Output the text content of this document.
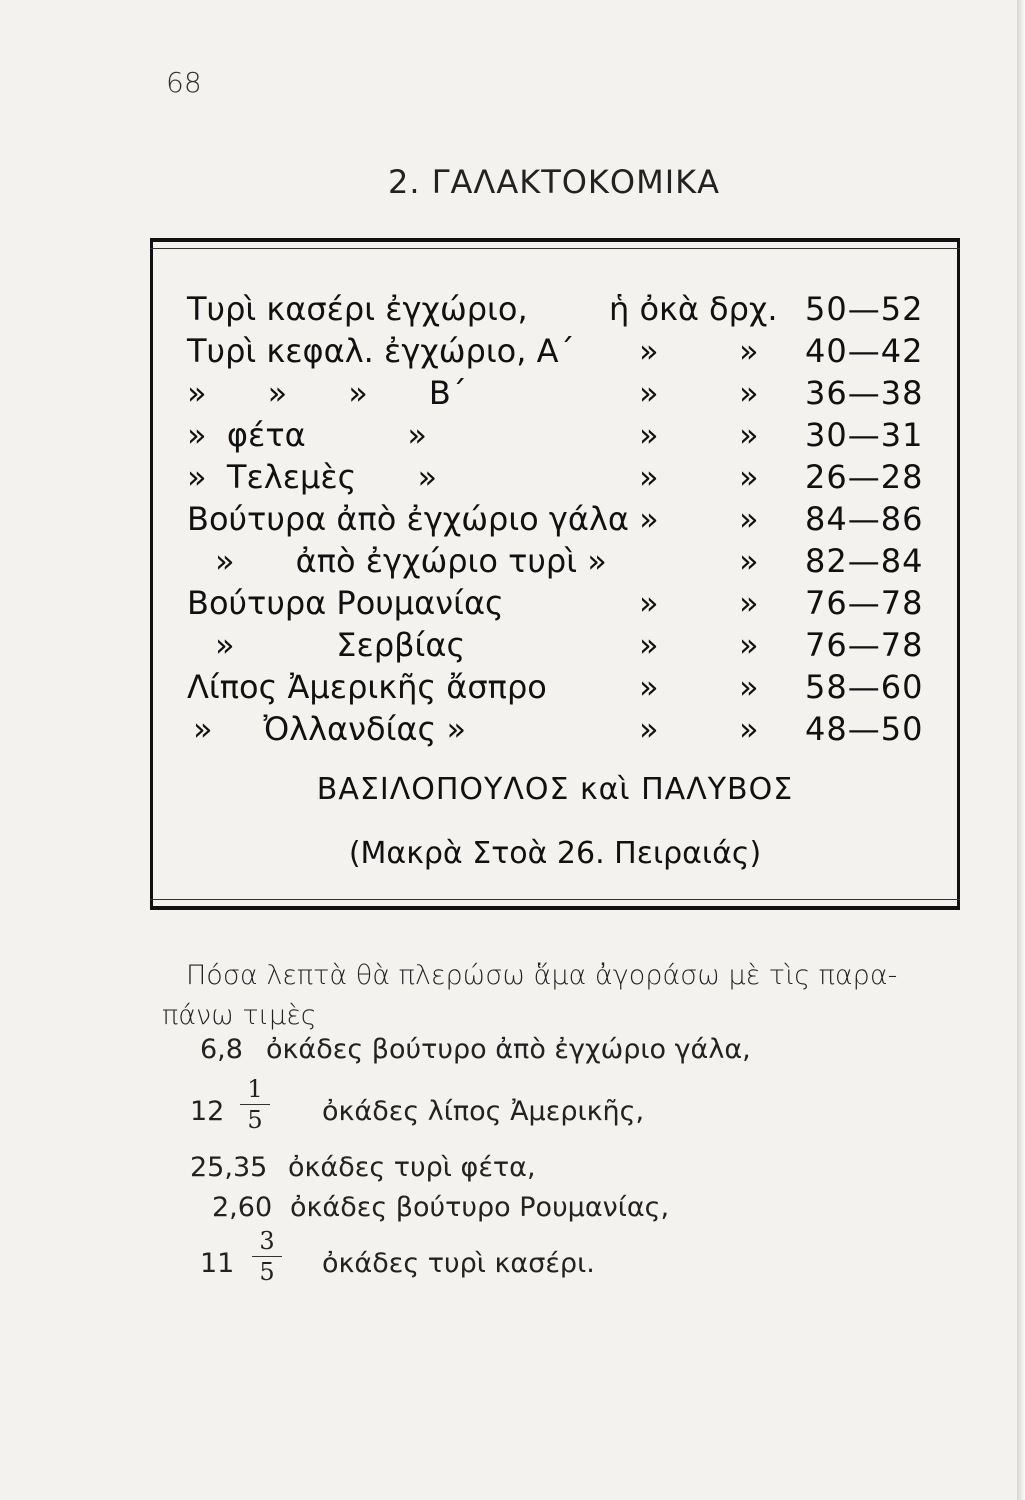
68
2. ΓΑΛΑΚΤΟΚΟΜΙΚΑ
Τυρὶ κασέρι ἐγχώριο,	ἡ ὀκὰ δρχ. 50—52
Τυρὶ κεφαλ. ἐγχώριο, Α΄ »	» 40—42
»      »      »      Β΄	»	» 36—38
»  φέτα          »	»	» 30—31
»  Τελεμὲς      »	»	» 26—28
Βούτυρα ἀπὸ ἐγχώριο γάλα »	» 84—86
»      ἀπὸ ἐγχώριο τυρὶ »	» 82—84
Βούτυρα Ρουμανίας	»	» 76—78
»          Σερβίας	»	» 76—78
Λίπος Ἀμερικῆς ἄσπρο	»	» 58—60
»     Ὀλλανδίας »	»	» 48—50
ΒΑΣΙΛΟΠΟΥΛΟΣ καὶ ΠΑΛΥΒΟΣ
(Μακρὰ Στοὰ 26. Πειραιάς)

Πόσα λεπτὰ θὰ πλερώσω ἅμα ἀγοράσω μὲ τὶς παρα-
πάνω τιμὲς

6,8 ὀκάδες βούτυρο ἀπὸ ἐγχώριο γάλα,
12
1
5 ὀκάδες λίπος Ἀμερικῆς,
25,35 ὀκάδες τυρὶ φέτα,
2,60 ὀκάδες βούτυρο Ρουμανίας,
11
3
5 ὀκάδες τυρὶ κασέρι.
